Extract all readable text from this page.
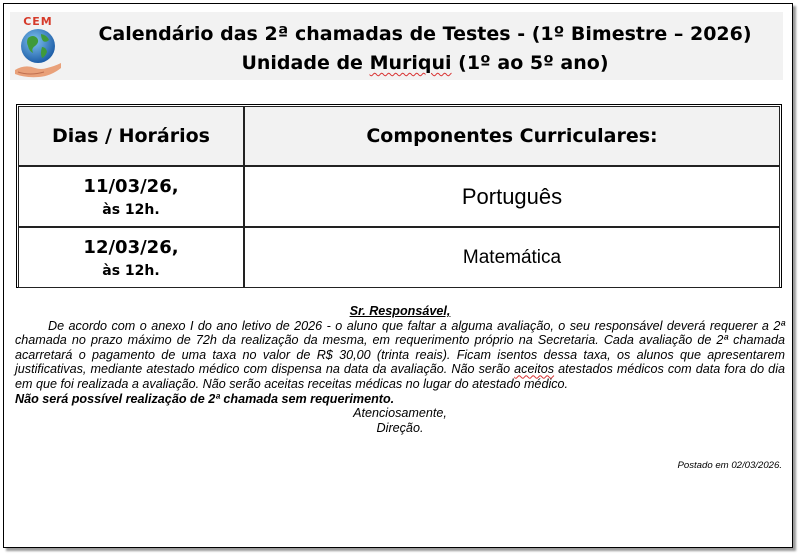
CEM
Calendário das 2ª chamadas de Testes - (1º Bimestre – 2026)
Unidade de Muriqui (1º ao 5º ano)
Dias / Horários	Componentes Curriculares:

11/03/26,
às 12h.	Português

12/03/26,
às 12h.	Matemática
Sr. Responsável,

De acordo com o anexo I do ano letivo de 2026 - o aluno que faltar a alguma avaliação, o seu responsável deverá requerer a 2ª chamada no prazo máximo de 72h da realização da mesma, em requerimento próprio na Secretaria. Cada avaliação de 2ª chamada acarretará o pagamento de uma taxa no valor de R$ 30,00 (trinta reais). Ficam isentos dessa taxa, os alunos que apresentarem justificativas, mediante atestado médico com dispensa na data da avaliação. Não serão aceitos atestados médicos com data fora do dia em que foi realizada a avaliação. Não serão aceitas receitas médicas no lugar do atestado médico.

Não será possível realização de 2ª chamada sem requerimento.

Atenciosamente,
Direção.
Postado em 02/03/2026.
